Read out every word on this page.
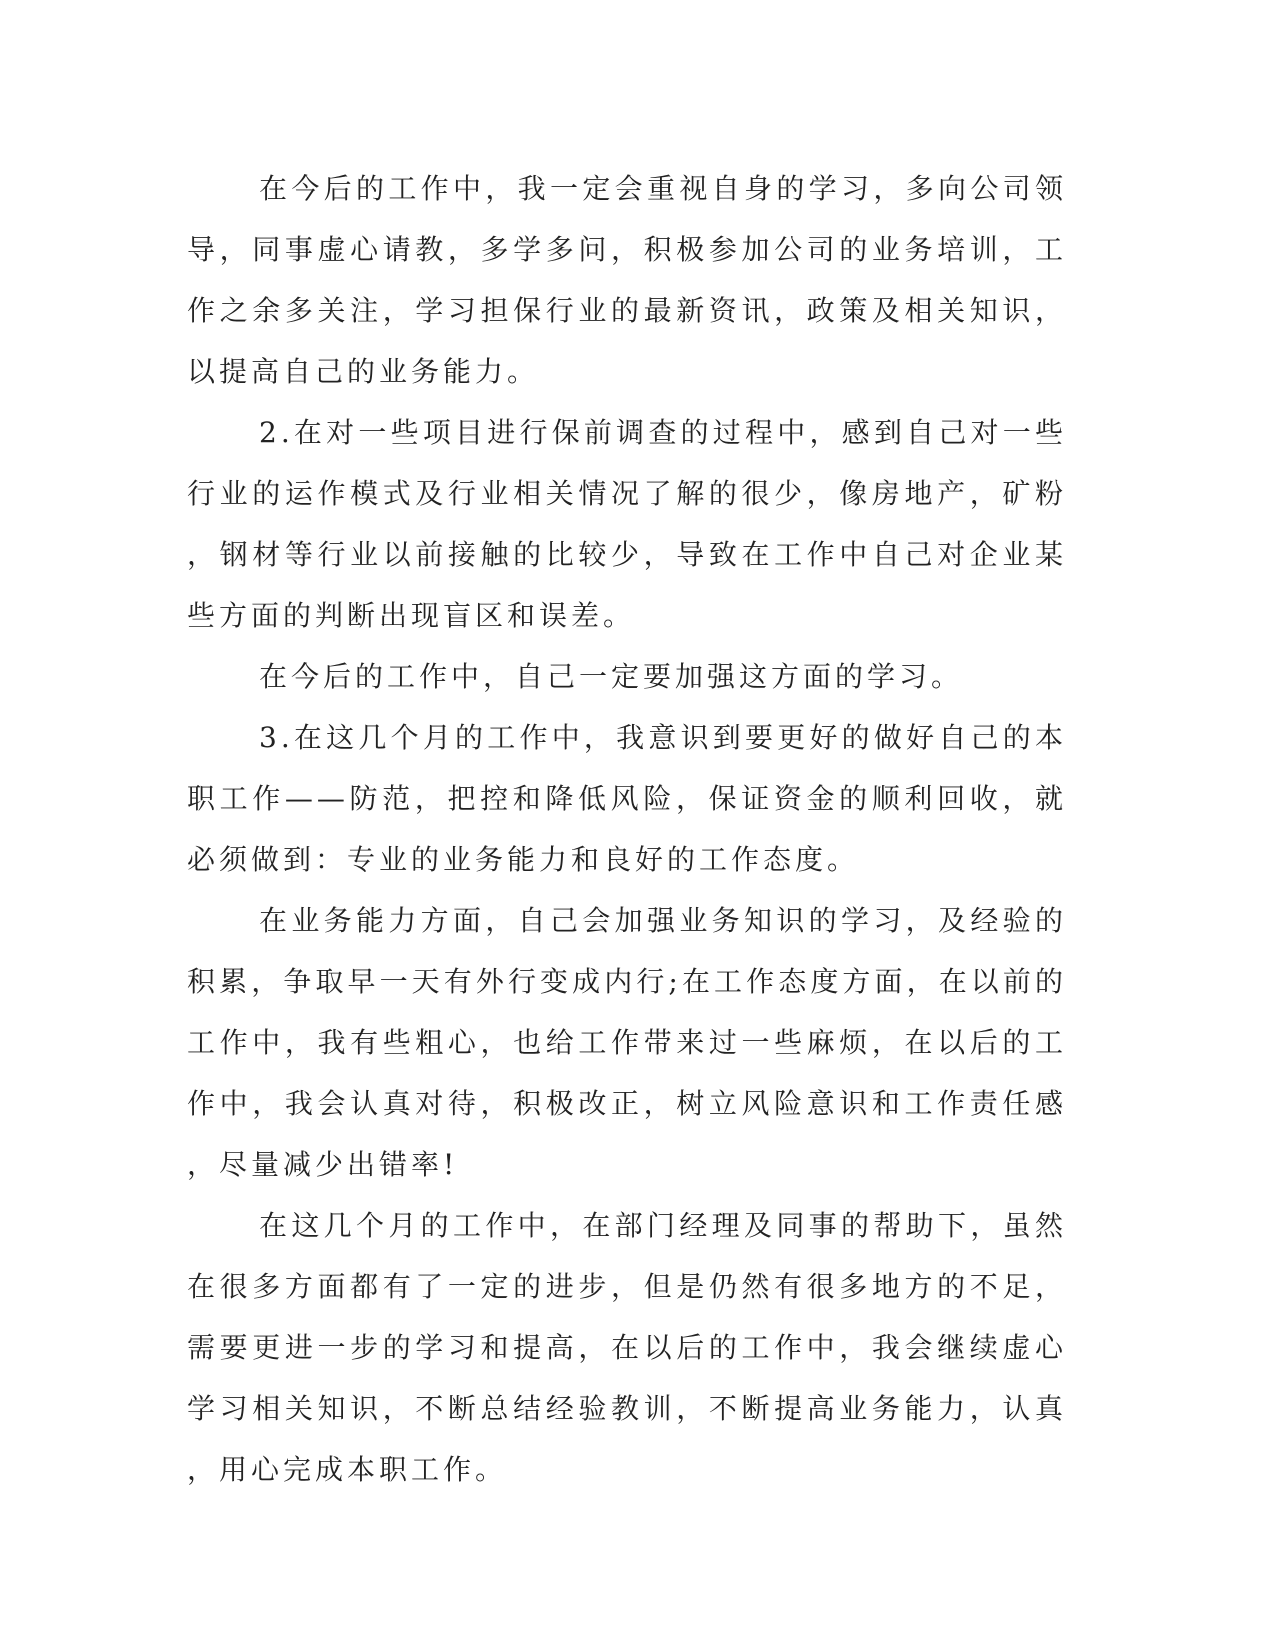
在今后的工作中，我一定会重视自身的学习，多向公司领导，同事虚心请教，多学多问，积极参加公司的业务培训，工作之余多关注，学习担保行业的最新资讯，政策及相关知识，以提高自己的业务能力。

2.在对一些项目进行保前调查的过程中，感到自己对一些行业的运作模式及行业相关情况了解的很少，像房地产，矿粉，钢材等行业以前接触的比较少，导致在工作中自己对企业某些方面的判断出现盲区和误差。

在今后的工作中，自己一定要加强这方面的学习。

3.在这几个月的工作中，我意识到要更好的做好自己的本职工作——防范，把控和降低风险，保证资金的顺利回收，就必须做到：专业的业务能力和良好的工作态度。

在业务能力方面，自己会加强业务知识的学习，及经验的积累，争取早一天有外行变成内行;在工作态度方面，在以前的工作中，我有些粗心，也给工作带来过一些麻烦，在以后的工作中，我会认真对待，积极改正，树立风险意识和工作责任感，尽量减少出错率!

在这几个月的工作中，在部门经理及同事的帮助下，虽然在很多方面都有了一定的进步，但是仍然有很多地方的不足，需要更进一步的学习和提高，在以后的工作中，我会继续虚心学习相关知识，不断总结经验教训，不断提高业务能力，认真，用心完成本职工作。
